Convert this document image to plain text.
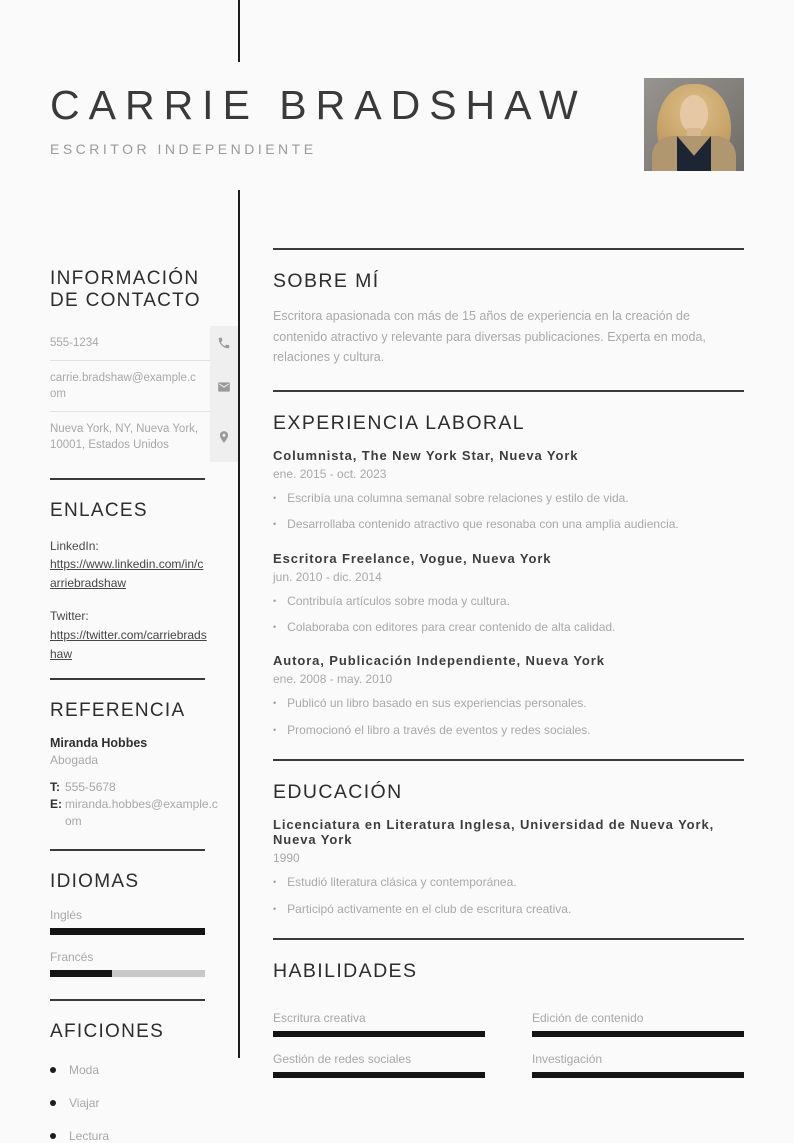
CARRIE BRADSHAW
ESCRITOR INDEPENDIENTE
INFORMACIÓN DE CONTACTO
555-1234
carrie.bradshaw@example.com
Nueva York, NY, Nueva York, 10001, Estados Unidos
ENLACES
LinkedIn:
https://www.linkedin.com/in/carriebradshaw
Twitter:
https://twitter.com/carriebradshaw
REFERENCIA
Miranda Hobbes
Abogada
T: 555-5678
E: miranda.hobbes@example.com
IDIOMAS
Inglés
Francés
AFICIONES
Moda
Viajar
Lectura
SOBRE MÍ
Escritora apasionada con más de 15 años de experiencia en la creación de contenido atractivo y relevante para diversas publicaciones. Experta en moda, relaciones y cultura.
EXPERIENCIA LABORAL
Columnista, The New York Star, Nueva York
ene. 2015 - oct. 2023
• Escribía una columna semanal sobre relaciones y estilo de vida.
• Desarrollaba contenido atractivo que resonaba con una amplia audiencia.
Escritora Freelance, Vogue, Nueva York
jun. 2010 - dic. 2014
• Contribuía artículos sobre moda y cultura.
• Colaboraba con editores para crear contenido de alta calidad.
Autora, Publicación Independiente, Nueva York
ene. 2008 - may. 2010
• Publicó un libro basado en sus experiencias personales.
• Promocionó el libro a través de eventos y redes sociales.
EDUCACIÓN
Licenciatura en Literatura Inglesa, Universidad de Nueva York, Nueva York
1990
• Estudió literatura clásica y contemporánea.
• Participó activamente en el club de escritura creativa.
HABILIDADES
Escritura creativa	Edición de contenido
Gestión de redes sociales	Investigación
